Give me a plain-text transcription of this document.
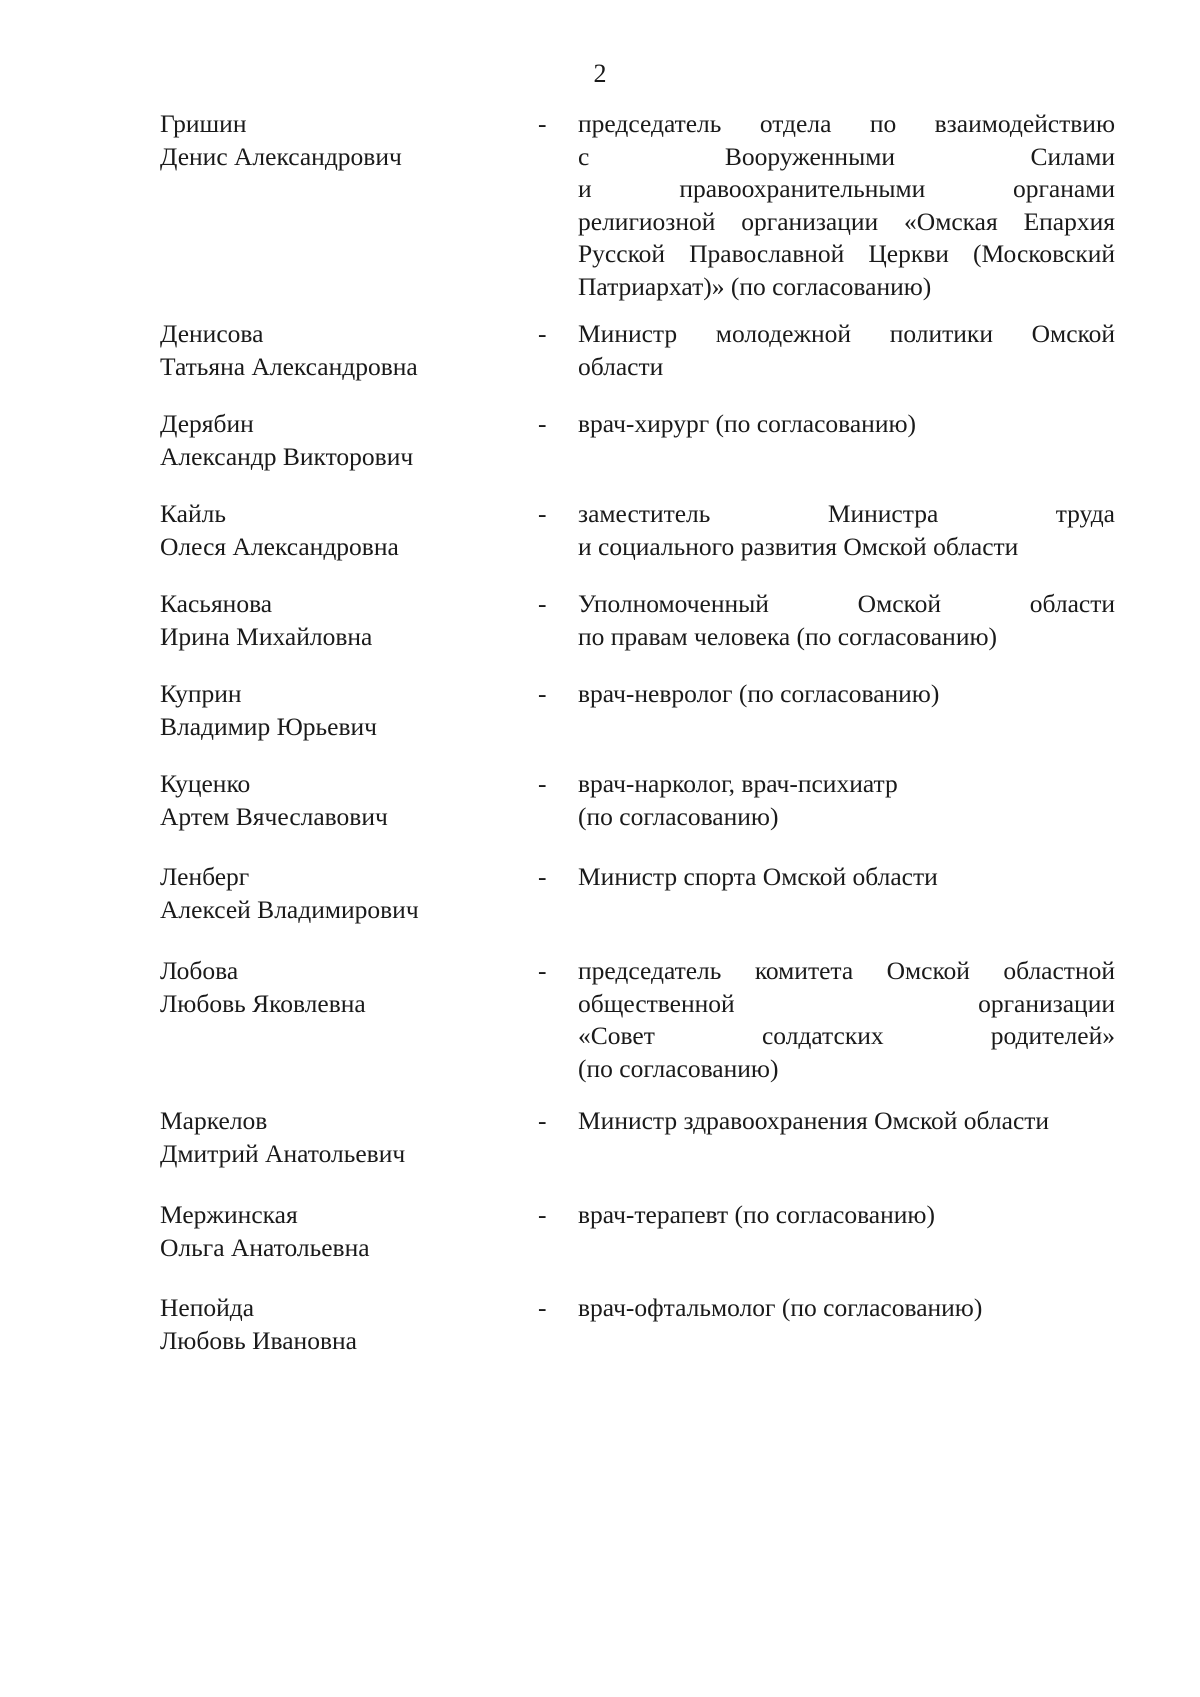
2
Гришин
Денис Александрович
- председатель отдела по взаимодействию
с Вооруженными Силами
и правоохранительными органами
религиозной организации «Омская Епархия
Русской Православной Церкви (Московский
Патриархат)» (по согласованию)
Денисова
Татьяна Александровна
- Министр молодежной политики Омской
области
Дерябин
Александр Викторович
- врач-хирург (по согласованию)
Кайль
Олеся Александровна
- заместитель Министра труда
и социального развития Омской области
Касьянова
Ирина Михайловна
- Уполномоченный Омской области
по правам человека (по согласованию)
Куприн
Владимир Юрьевич
- врач-невролог (по согласованию)
Куценко
Артем Вячеславович
- врач-нарколог, врач-психиатр
(по согласованию)
Ленберг
Алексей Владимирович
- Министр спорта Омской области
Лобова
Любовь Яковлевна
- председатель комитета Омской областной
общественной организации
«Совет солдатских родителей»
(по согласованию)
Маркелов
Дмитрий Анатольевич
- Министр здравоохранения Омской области
Мержинская
Ольга Анатольевна
- врач-терапевт (по согласованию)
Непойда
Любовь Ивановна
- врач-офтальмолог (по согласованию)
